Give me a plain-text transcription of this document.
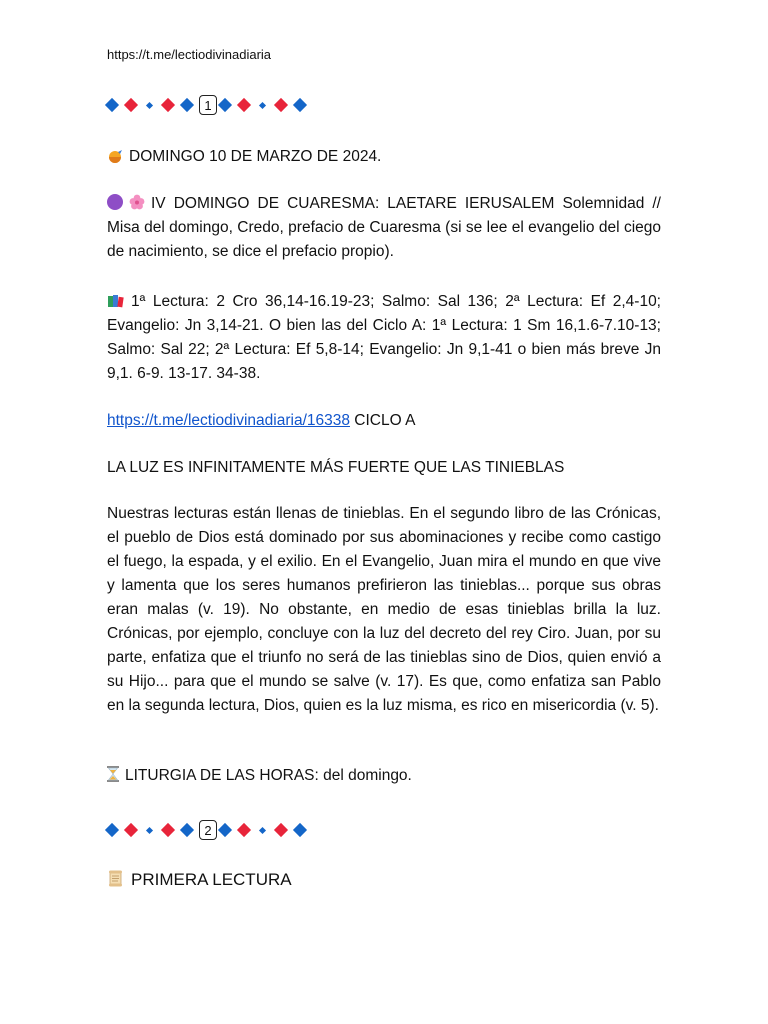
https://t.me/lectiodivinadiaria
1
DOMINGO 10 DE MARZO DE 2024.
IV DOMINGO DE CUARESMA: LAETARE IERUSALEM Solemnidad // Misa del domingo, Credo, prefacio de Cuaresma (si se lee el evangelio del ciego de nacimiento, se dice el prefacio propio).
1ª Lectura: 2 Cro 36,14-16.19-23; Salmo: Sal 136; 2ª Lectura: Ef 2,4-10; Evangelio: Jn 3,14-21. O bien las del Ciclo A: 1ª Lectura: 1 Sm 16,1.6-7.10-13; Salmo: Sal 22; 2ª Lectura: Ef 5,8-14; Evangelio: Jn 9,1-41 o bien más breve Jn 9,1. 6-9. 13-17. 34-38.
https://t.me/lectiodivinadiaria/16338 CICLO A
LA LUZ ES INFINITAMENTE MÁS FUERTE QUE LAS TINIEBLAS
Nuestras lecturas están llenas de tinieblas. En el segundo libro de las Crónicas, el pueblo de Dios está dominado por sus abominaciones y recibe como castigo el fuego, la espada, y el exilio. En el Evangelio, Juan mira el mundo en que vive y lamenta que los seres humanos prefirieron las tinieblas... porque sus obras eran malas (v. 19). No obstante, en medio de esas tinieblas brilla la luz. Crónicas, por ejemplo, concluye con la luz del decreto del rey Ciro. Juan, por su parte, enfatiza que el triunfo no será de las tinieblas sino de Dios, quien envió a su Hijo... para que el mundo se salve (v. 17). Es que, como enfatiza san Pablo en la segunda lectura, Dios, quien es la luz misma, es rico en misericordia (v. 5).
LITURGIA DE LAS HORAS: del domingo.
2
PRIMERA LECTURA
